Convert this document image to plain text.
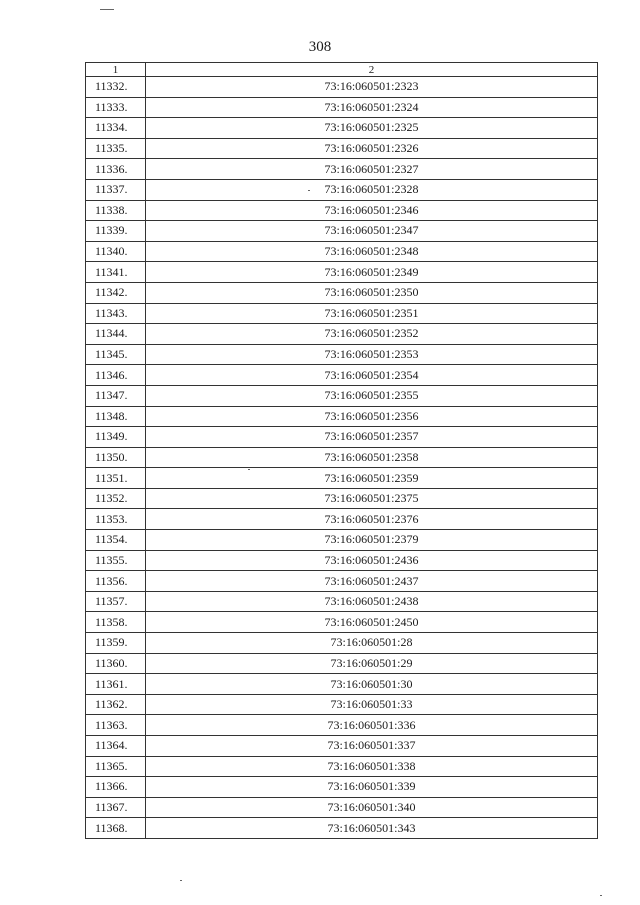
308
1	2
11332.	73:16:060501:2323
11333.	73:16:060501:2324
11334.	73:16:060501:2325
11335.	73:16:060501:2326
11336.	73:16:060501:2327
11337.	73:16:060501:2328
11338.	73:16:060501:2346
11339.	73:16:060501:2347
11340.	73:16:060501:2348
11341.	73:16:060501:2349
11342.	73:16:060501:2350
11343.	73:16:060501:2351
11344.	73:16:060501:2352
11345.	73:16:060501:2353
11346.	73:16:060501:2354
11347.	73:16:060501:2355
11348.	73:16:060501:2356
11349.	73:16:060501:2357
11350.	73:16:060501:2358
11351.	73:16:060501:2359
11352.	73:16:060501:2375
11353.	73:16:060501:2376
11354.	73:16:060501:2379
11355.	73:16:060501:2436
11356.	73:16:060501:2437
11357.	73:16:060501:2438
11358.	73:16:060501:2450
11359.	73:16:060501:28
11360.	73:16:060501:29
11361.	73:16:060501:30
11362.	73:16:060501:33
11363.	73:16:060501:336
11364.	73:16:060501:337
11365.	73:16:060501:338
11366.	73:16:060501:339
11367.	73:16:060501:340
11368.	73:16:060501:343
